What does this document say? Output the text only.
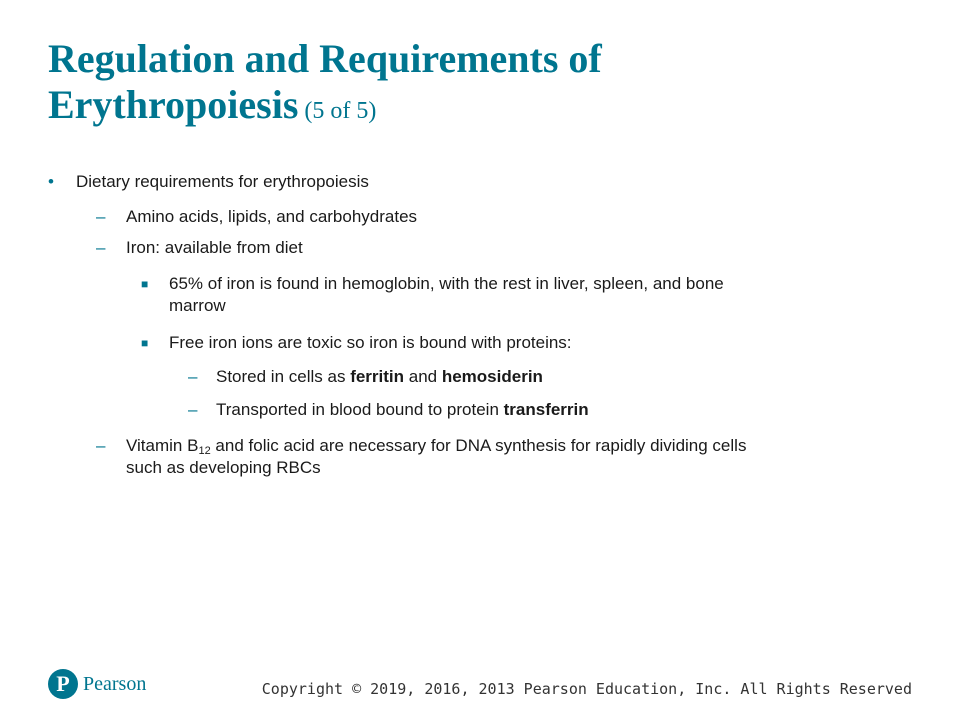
Regulation and Requirements of
Erythropoiesis (5 of 5)
• Dietary requirements for erythropoiesis
– Amino acids, lipids, and carbohydrates
– Iron: available from diet
■ 65% of iron is found in hemoglobin, with the rest in liver, spleen, and bone
marrow
■ Free iron ions are toxic so iron is bound with proteins:
– Stored in cells as ferritin and hemosiderin
– Transported in blood bound to protein transferrin
– Vitamin $B_{12}$ and folic acid are necessary for DNA synthesis for rapidly dividing cells
such as developing RBCs
P Pearson	Copyright © 2019, 2016, 2013 Pearson Education, Inc. All Rights Reserved
